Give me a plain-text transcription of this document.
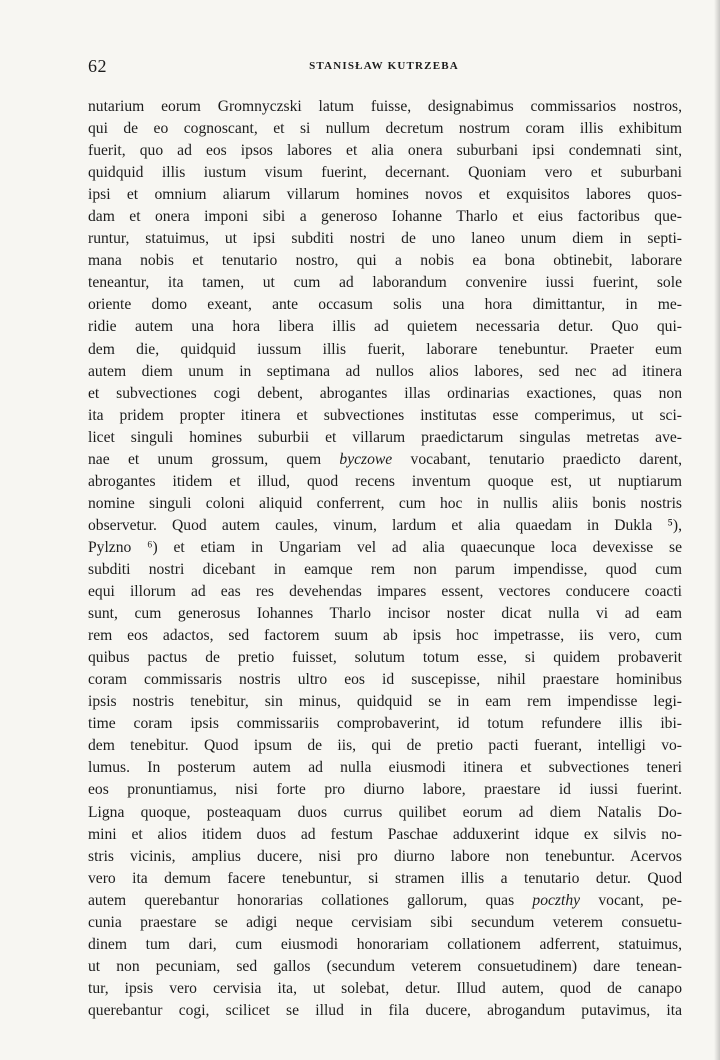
62	STANISŁAW KUTRZEBA
nutarium eorum Gromnyczski latum fuisse, designabimus commissarios nostros,
qui de eo cognoscant, et si nullum decretum nostrum coram illis exhibitum
fuerit, quo ad eos ipsos labores et alia onera suburbani ipsi condemnati sint,
quidquid illis iustum visum fuerint, decernant. Quoniam vero et suburbani
ipsi et omnium aliarum villarum homines novos et exquisitos labores quos-
dam et onera imponi sibi a generoso Iohanne Tharlo et eius factoribus que-
runtur, statuimus, ut ipsi subditi nostri de uno laneo unum diem in septi-
mana nobis et tenutario nostro, qui a nobis ea bona obtinebit, laborare
teneantur, ita tamen, ut cum ad laborandum convenire iussi fuerint, sole
oriente domo exeant, ante occasum solis una hora dimittantur, in me-
ridie autem una hora libera illis ad quietem necessaria detur. Quo qui-
dem die, quidquid iussum illis fuerit, laborare tenebuntur. Praeter eum
autem diem unum in septimana ad nullos alios labores, sed nec ad itinera
et subvectiones cogi debent, abrogantes illas ordinarias exactiones, quas non
ita pridem propter itinera et subvectiones institutas esse comperimus, ut sci-
licet singuli homines suburbii et villarum praedictarum singulas metretas ave-
nae et unum grossum, quem byczowe vocabant, tenutario praedicto darent,
abrogantes itidem et illud, quod recens inventum quoque est, ut nuptiarum
nomine singuli coloni aliquid conferrent, cum hoc in nullis aliis bonis nostris
observetur. Quod autem caules, vinum, lardum et alia quaedam in Dukla ⁵),
Pylzno ⁶) et etiam in Ungariam vel ad alia quaecunque loca devexisse se
subditi nostri dicebant in eamque rem non parum impendisse, quod cum
equi illorum ad eas res devehendas impares essent, vectores conducere coacti
sunt, cum generosus Iohannes Tharlo incisor noster dicat nulla vi ad eam
rem eos adactos, sed factorem suum ab ipsis hoc impetrasse, iis vero, cum
quibus pactus de pretio fuisset, solutum totum esse, si quidem probaverit
coram commissaris nostris ultro eos id suscepisse, nihil praestare hominibus
ipsis nostris tenebitur, sin minus, quidquid se in eam rem impendisse legi-
time coram ipsis commissariis comprobaverint, id totum refundere illis ibi-
dem tenebitur. Quod ipsum de iis, qui de pretio pacti fuerant, intelligi vo-
lumus. In posterum autem ad nulla eiusmodi itinera et subvectiones teneri
eos pronuntiamus, nisi forte pro diurno labore, praestare id iussi fuerint.
Ligna quoque, posteaquam duos currus quilibet eorum ad diem Natalis Do-
mini et alios itidem duos ad festum Paschae adduxerint idque ex silvis no-
stris vicinis, amplius ducere, nisi pro diurno labore non tenebuntur. Acervos
vero ita demum facere tenebuntur, si stramen illis a tenutario detur. Quod
autem querebantur honorarias collationes gallorum, quas poczthy vocant, pe-
cunia praestare se adigi neque cervisiam sibi secundum veterem consuetu-
dinem tum dari, cum eiusmodi honorariam collationem adferrent, statuimus,
ut non pecuniam, sed gallos (secundum veterem consuetudinem) dare tenean-
tur, ipsis vero cervisia ita, ut solebat, detur. Illud autem, quod de canapo
querebantur cogi, scilicet se illud in fila ducere, abrogandum putavimus, ita
